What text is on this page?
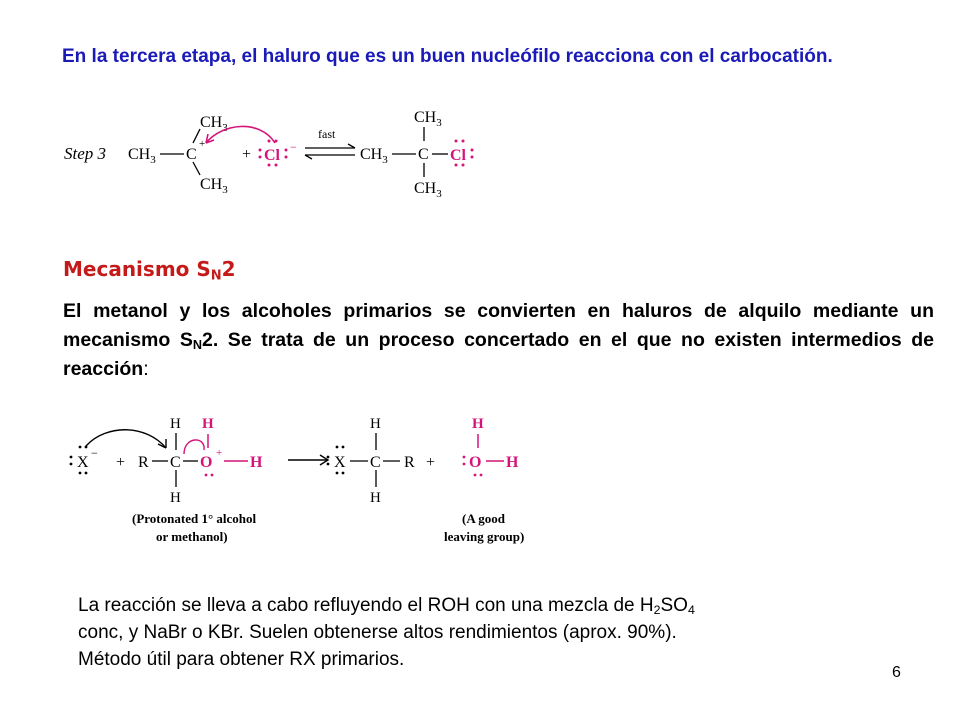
En la tercera etapa, el haluro que es un buen nucleófilo reacciona con el carbocatión.
Step 3 $CH_3$ C
+
$CH_3$
$CH_3$
+ Cl −
fast
$CH_3$ C
$CH_3$
$CH_3$
Cl
Mecanismo $S_N2$
El metanol y los alcoholes primarios se convierten en haluros de alquilo mediante un mecanismo $S_N2$. Se trata de un proceso concertado en el que no existen intermedios de reacción:
X
−
+ R C
H
H
O
+
H
H	X C
H
H
R +
H
O H
(Protonated 1° alcohol
or methanol)
(A good
leaving group)
La reacción se lleva a cabo refluyendo el ROH con una mezcla de $H_2SO_4$
conc, y NaBr o KBr. Suelen obtenerse altos rendimientos (aprox. 90%).
Método útil para obtener RX primarios.
6
